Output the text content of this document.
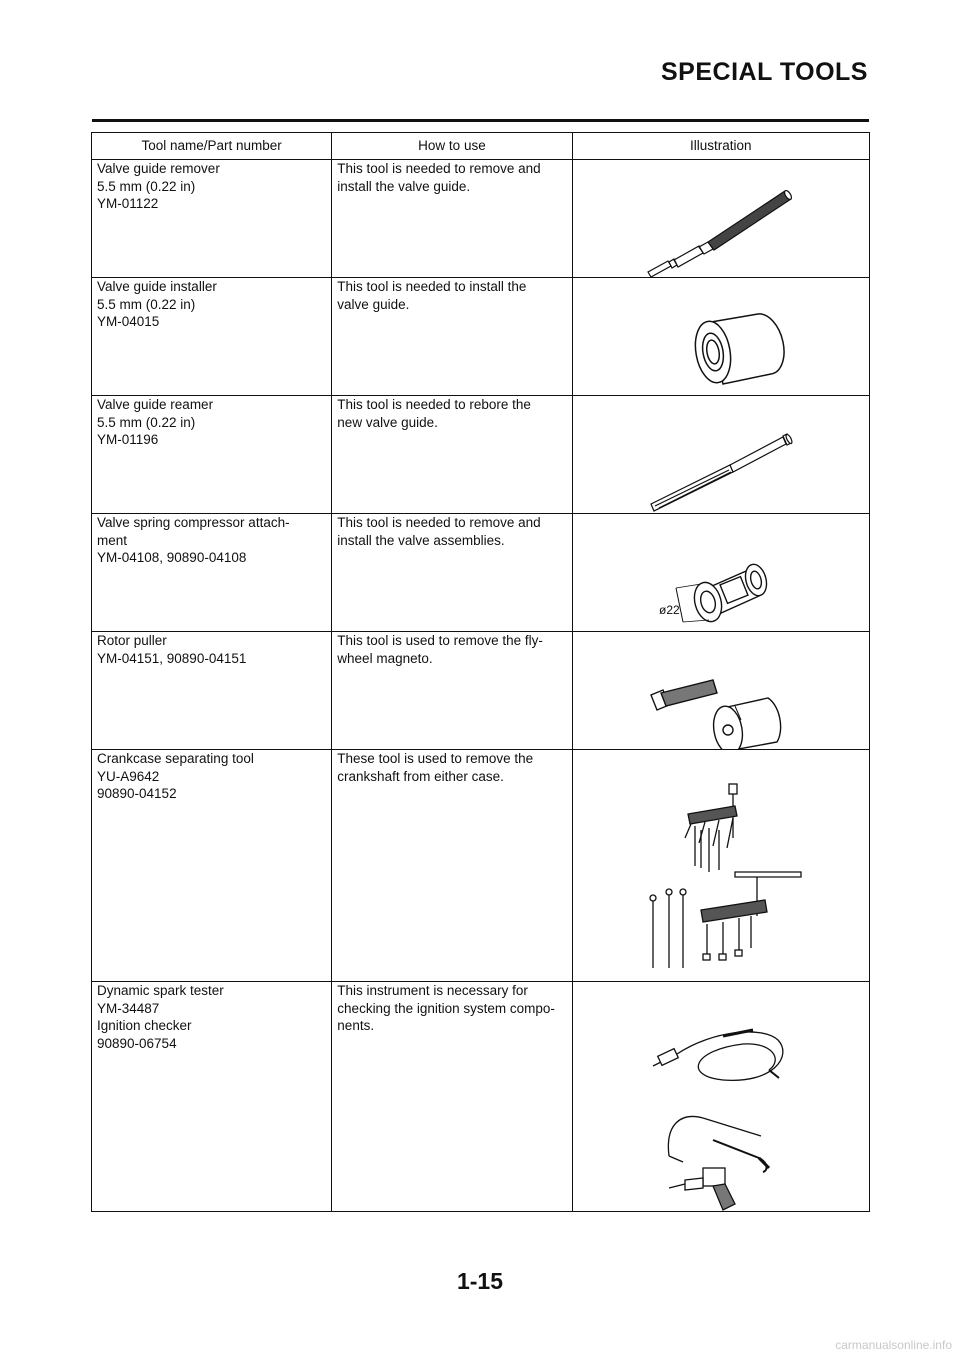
SPECIAL TOOLS
Tool name/Part number	How to use	Illustration
Valve guide remover
5.5 mm (0.22 in)
YM-01122	This tool is needed to remove and
install the valve guide.	

Valve guide installer
5.5 mm (0.22 in)
YM-04015	This tool is needed to install the
valve guide.	

Valve guide reamer
5.5 mm (0.22 in)
YM-01196	This tool is needed to rebore the
new valve guide.	

Valve spring compressor attach-
ment
YM-04108, 90890-04108	This tool is needed to remove and
install the valve assemblies.	ø22

Rotor puller
YM-04151, 90890-04151	This tool is used to remove the fly-
wheel magneto.	

Crankcase separating tool
YU-A9642
90890-04152	These tool is used to remove the
crankshaft from either case.	

Dynamic spark tester
YM-34487
Ignition checker
90890-06754	This instrument is necessary for
checking the ignition system compo-
nents.	

1-15
carmanualsonline.info
